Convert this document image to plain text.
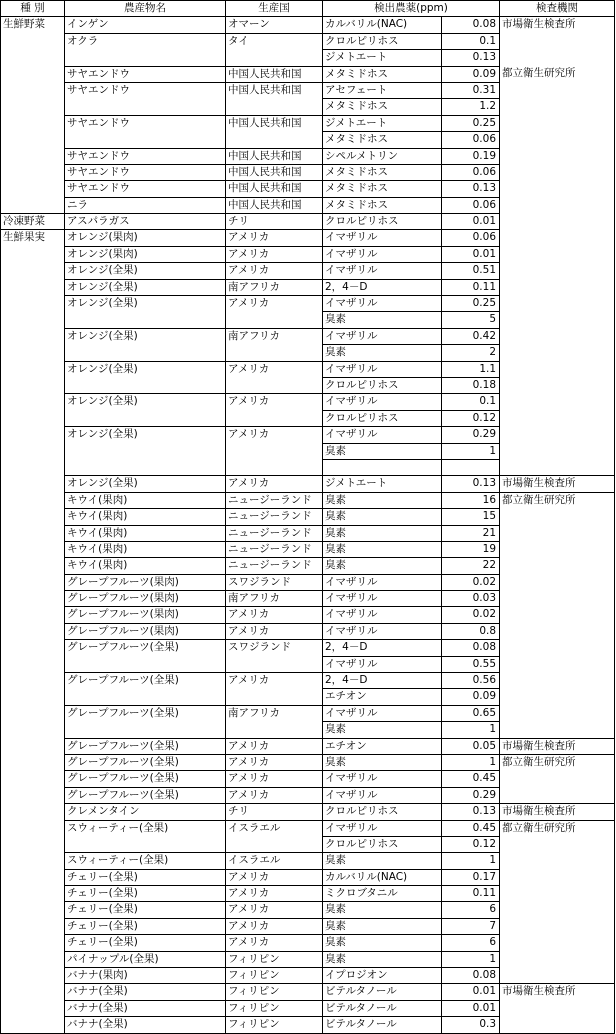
種 別	農産物名	生産国	検出農薬(ppm)		検査機関
生鮮野菜	インゲン	オマーン	カルバリル(NAC)	0.08	市場衛生検査所
	オクラ	タイ	クロルピリホス	0.1	
			ジメトエート	0.13	
	サヤエンドウ	中国人民共和国	メタミドホス	0.09	都立衛生研究所
	サヤエンドウ	中国人民共和国	アセフェート	0.31	
			メタミドホス	1.2	
	サヤエンドウ	中国人民共和国	ジメトエート	0.25	
			メタミドホス	0.06	
	サヤエンドウ	中国人民共和国	シペルメトリン	0.19	
	サヤエンドウ	中国人民共和国	メタミドホス	0.06	
	サヤエンドウ	中国人民共和国	メタミドホス	0.13	
	ニラ	中国人民共和国	メタミドホス	0.06	
冷凍野菜	アスパラガス	チリ	クロルピリホス	0.01	
生鮮果実	オレンジ(果肉)	アメリカ	イマザリル	0.06	
	オレンジ(果肉)	アメリカ	イマザリル	0.01	
	オレンジ(全果)	アメリカ	イマザリル	0.51	
	オレンジ(全果)	南アフリカ	2，4－D	0.11	
	オレンジ(全果)	アメリカ	イマザリル	0.25	
			臭素	5	
	オレンジ(全果)	南アフリカ	イマザリル	0.42	
			臭素	2	
	オレンジ(全果)	アメリカ	イマザリル	1.1	
			クロルピリホス	0.18	
	オレンジ(全果)	アメリカ	イマザリル	0.1	
			クロルピリホス	0.12	
	オレンジ(全果)	アメリカ	イマザリル	0.29	
			臭素	1	

	オレンジ(全果)	アメリカ	ジメトエート	0.13	市場衛生検査所
	キウイ(果肉)	ニュージーランド	臭素	16	都立衛生研究所
	キウイ(果肉)	ニュージーランド	臭素	15	
	キウイ(果肉)	ニュージーランド	臭素	21	
	キウイ(果肉)	ニュージーランド	臭素	19	
	キウイ(果肉)	ニュージーランド	臭素	22	
	グレープフルーツ(果肉)	スワジランド	イマザリル	0.02	
	グレープフルーツ(果肉)	南アフリカ	イマザリル	0.03	
	グレープフルーツ(果肉)	アメリカ	イマザリル	0.02	
	グレープフルーツ(果肉)	アメリカ	イマザリル	0.8	
	グレープフルーツ(全果)	スワジランド	2，4－D	0.08	
			イマザリル	0.55	
	グレープフルーツ(全果)	アメリカ	2，4－D	0.56	
			エチオン	0.09	
	グレープフルーツ(全果)	南アフリカ	イマザリル	0.65	
			臭素	1	
	グレープフルーツ(全果)	アメリカ	エチオン	0.05	市場衛生検査所
	グレープフルーツ(全果)	アメリカ	臭素	1	都立衛生研究所
	グレープフルーツ(全果)	アメリカ	イマザリル	0.45	
	グレープフルーツ(全果)	アメリカ	イマザリル	0.29	
	クレメンタイン	チリ	クロルピリホス	0.13	市場衛生検査所
	スウィーティー(全果)	イスラエル	イマザリル	0.45	都立衛生研究所
			クロルピリホス	0.12	
	スウィーティー(全果)	イスラエル	臭素	1	
	チェリー(全果)	アメリカ	カルバリル(NAC)	0.17	
	チェリー(全果)	アメリカ	ミクロブタニル	0.11	
	チェリー(全果)	アメリカ	臭素	6	
	チェリー(全果)	アメリカ	臭素	7	
	チェリー(全果)	アメリカ	臭素	6	
	パイナップル(全果)	フィリピン	臭素	1	
	バナナ(果肉)	フィリピン	イプロジオン	0.08	
	バナナ(全果)	フィリピン	ビテルタノール	0.01	市場衛生検査所
	バナナ(全果)	フィリピン	ビテルタノール	0.01	
	バナナ(全果)	フィリピン	ビテルタノール	0.3	
